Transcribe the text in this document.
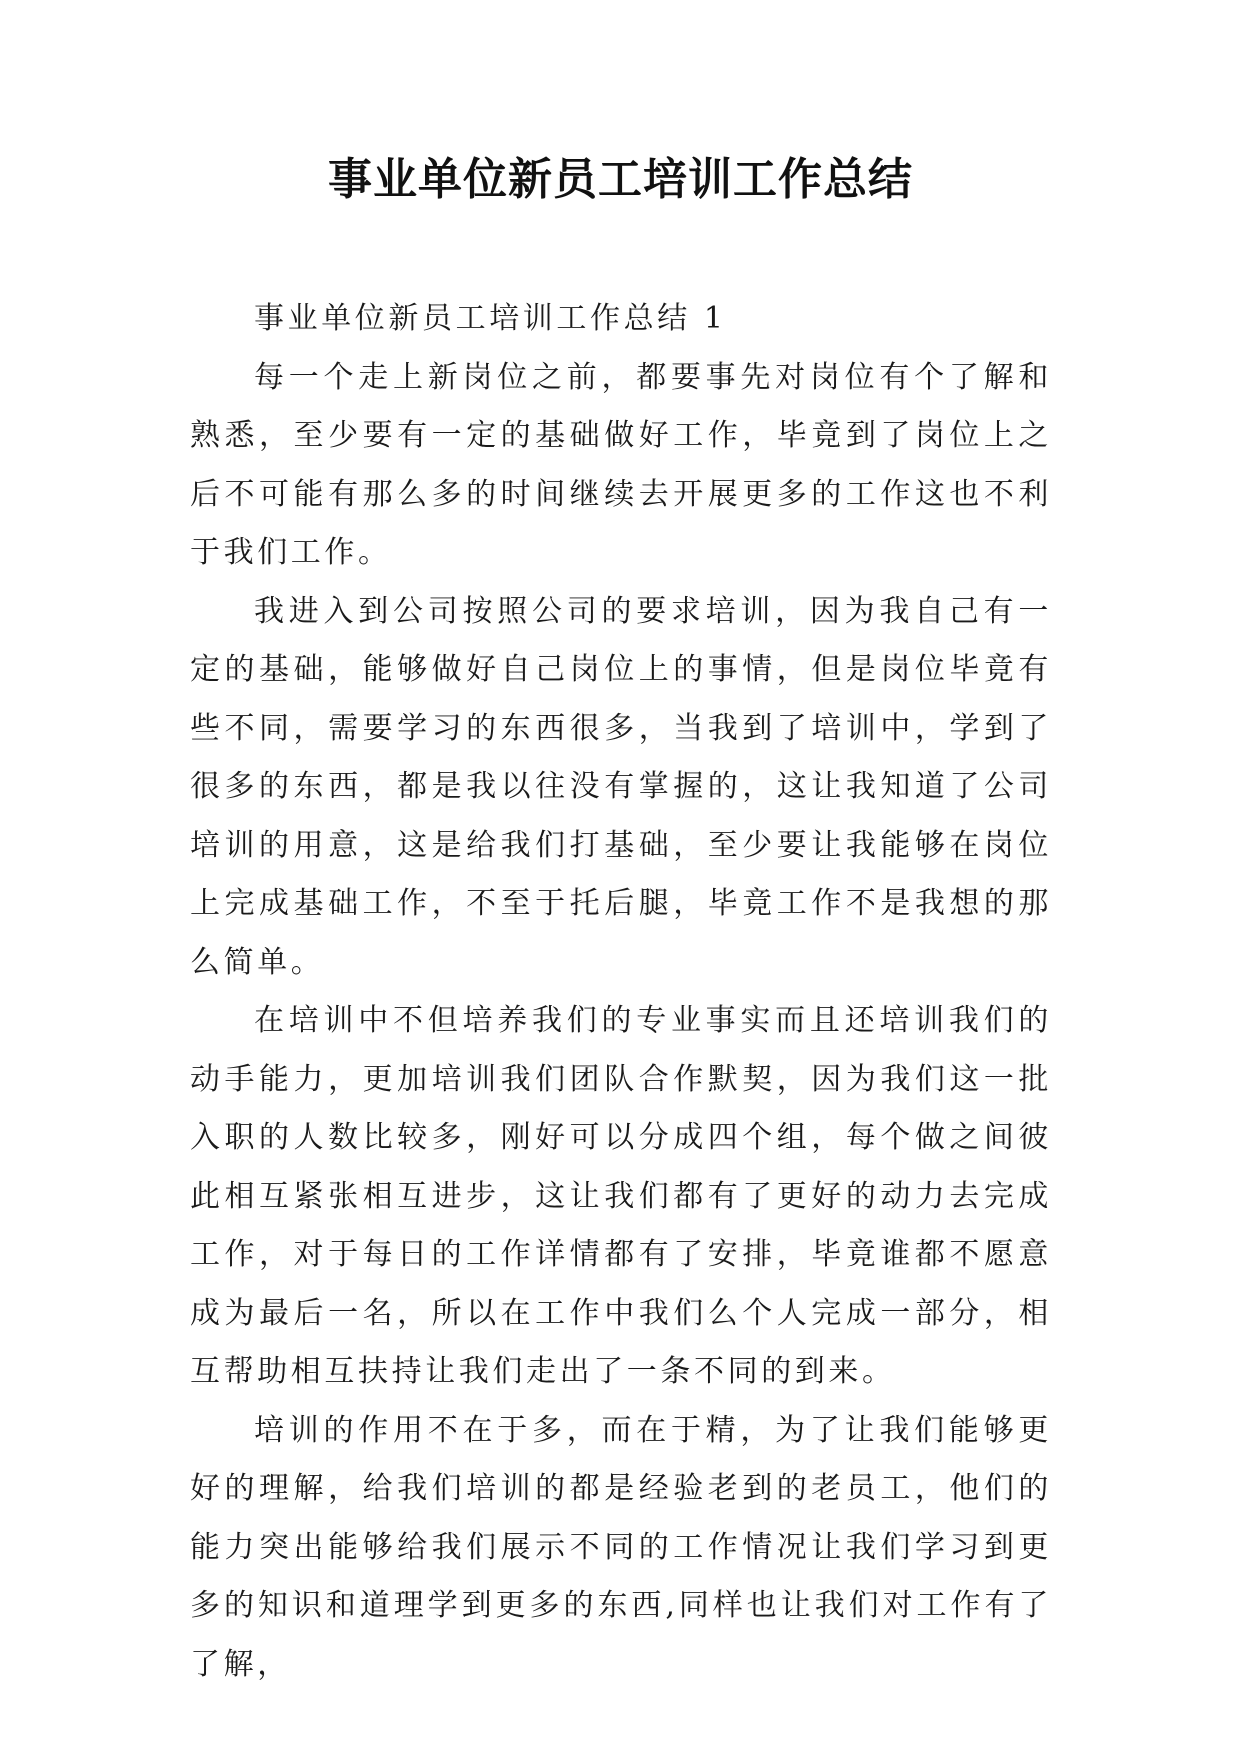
事业单位新员工培训工作总结

事业单位新员工培训工作总结 1

每一个走上新岗位之前，都要事先对岗位有个了解和熟悉，至少要有一定的基础做好工作，毕竟到了岗位上之后不可能有那么多的时间继续去开展更多的工作这也不利于我们工作。

我进入到公司按照公司的要求培训，因为我自己有一定的基础，能够做好自己岗位上的事情，但是岗位毕竟有些不同，需要学习的东西很多，当我到了培训中，学到了很多的东西，都是我以往没有掌握的，这让我知道了公司培训的用意，这是给我们打基础，至少要让我能够在岗位上完成基础工作，不至于托后腿，毕竟工作不是我想的那么简单。

在培训中不但培养我们的专业事实而且还培训我们的动手能力，更加培训我们团队合作默契，因为我们这一批入职的人数比较多，刚好可以分成四个组，每个做之间彼此相互紧张相互进步，这让我们都有了更好的动力去完成工作，对于每日的工作详情都有了安排，毕竟谁都不愿意成为最后一名，所以在工作中我们么个人完成一部分，相互帮助相互扶持让我们走出了一条不同的到来。

培训的作用不在于多，而在于精，为了让我们能够更好的理解，给我们培训的都是经验老到的老员工，他们的能力突出能够给我们展示不同的工作情况让我们学习到更多的知识和道理学到更多的东西,同样也让我们对工作有了了解，
